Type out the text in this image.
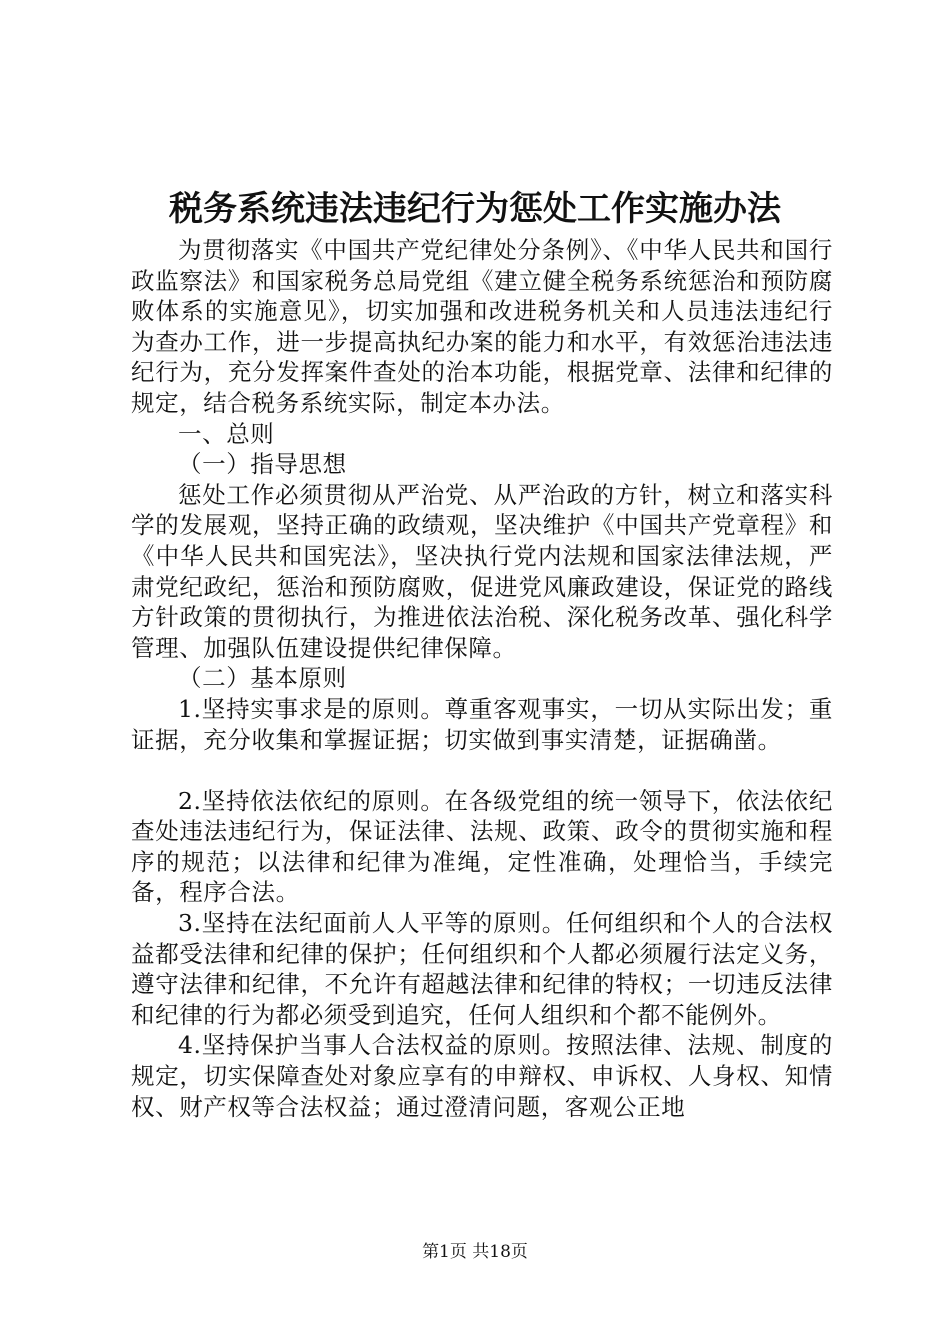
税务系统违法违纪行为惩处工作实施办法

为贯彻落实《中国共产党纪律处分条例》、《中华人民共和国行政监察法》和国家税务总局党组《建立健全税务系统惩治和预防腐败体系的实施意见》，切实加强和改进税务机关和人员违法违纪行为查办工作，进一步提高执纪办案的能力和水平，有效惩治违法违纪行为，充分发挥案件查处的治本功能，根据党章、法律和纪律的规定，结合税务系统实际，制定本办法。

一、总则

（一）指导思想

惩处工作必须贯彻从严治党、从严治政的方针，树立和落实科学的发展观，坚持正确的政绩观，坚决维护《中国共产党章程》和《中华人民共和国宪法》，坚决执行党内法规和国家法律法规，严肃党纪政纪，惩治和预防腐败，促进党风廉政建设，保证党的路线方针政策的贯彻执行，为推进依法治税、深化税务改革、强化科学管理、加强队伍建设提供纪律保障。

（二）基本原则

1.坚持实事求是的原则。尊重客观事实，一切从实际出发；重证据，充分收集和掌握证据；切实做到事实清楚，证据确凿。

2.坚持依法依纪的原则。在各级党组的统一领导下，依法依纪查处违法违纪行为，保证法律、法规、政策、政令的贯彻实施和程序的规范；以法律和纪律为准绳，定性准确，处理恰当，手续完备，程序合法。

3.坚持在法纪面前人人平等的原则。任何组织和个人的合法权益都受法律和纪律的保护；任何组织和个人都必须履行法定义务，遵守法律和纪律，不允许有超越法律和纪律的特权；一切违反法律和纪律的行为都必须受到追究，任何人组织和个都不能例外。

4.坚持保护当事人合法权益的原则。按照法律、法规、制度的规定，切实保障查处对象应享有的申辩权、申诉权、人身权、知情权、财产权等合法权益；通过澄清问题，客观公正地

第1页 共18页
